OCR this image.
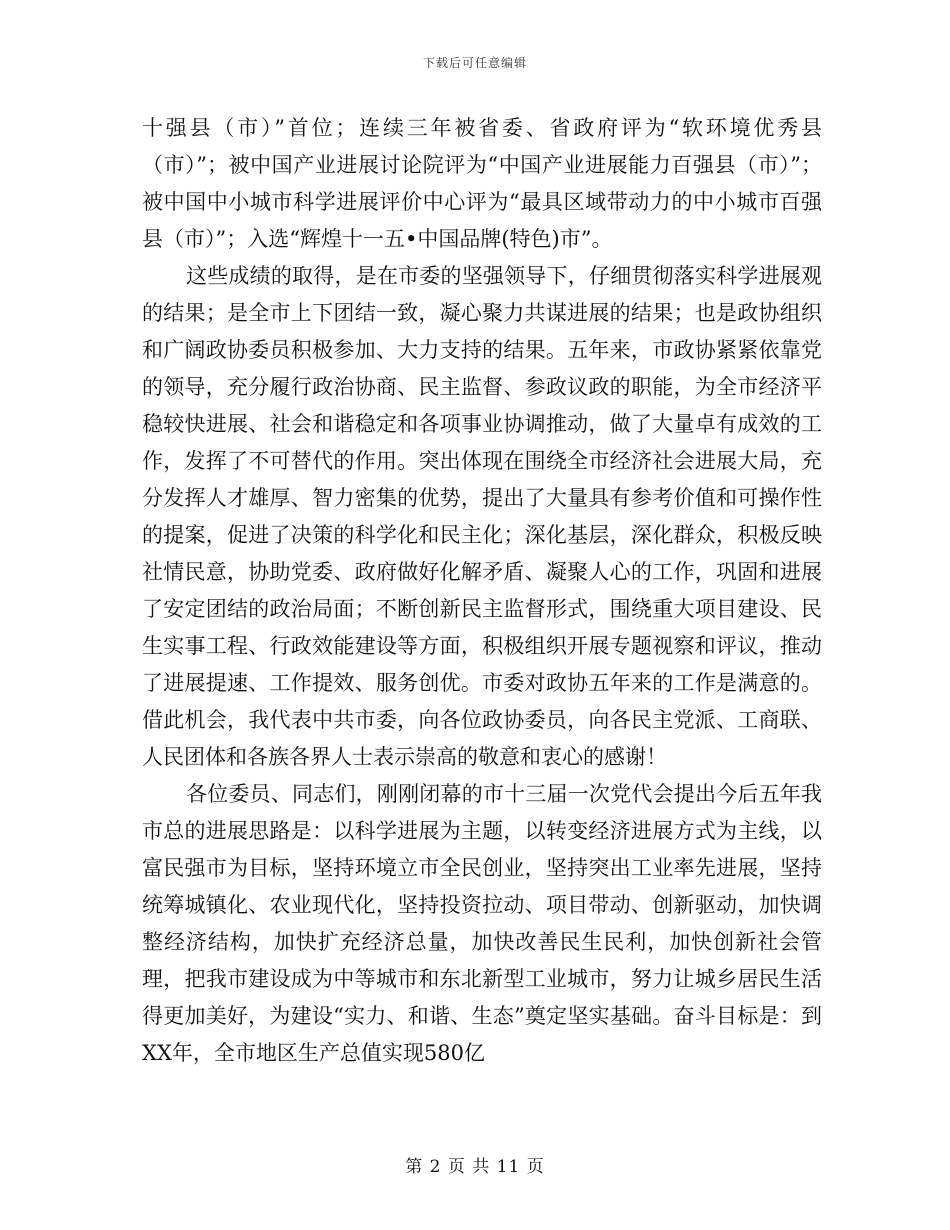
下载后可任意编辑

十强县（市）”首位；连续三年被省委、省政府评为“软环境优秀县（市）”；被中国产业进展讨论院评为“中国产业进展能力百强县（市）”；被中国中小城市科学进展评价中心评为“最具区域带动力的中小城市百强县（市）”；入选“辉煌十一五•中国品牌(特色)市”。

这些成绩的取得，是在市委的坚强领导下，仔细贯彻落实科学进展观的结果；是全市上下团结一致，凝心聚力共谋进展的结果；也是政协组织和广阔政协委员积极参加、大力支持的结果。五年来，市政协紧紧依靠党的领导，充分履行政治协商、民主监督、参政议政的职能，为全市经济平稳较快进展、社会和谐稳定和各项事业协调推动，做了大量卓有成效的工作，发挥了不可替代的作用。突出体现在围绕全市经济社会进展大局，充分发挥人才雄厚、智力密集的优势，提出了大量具有参考价值和可操作性的提案，促进了决策的科学化和民主化；深化基层，深化群众，积极反映社情民意，协助党委、政府做好化解矛盾、凝聚人心的工作，巩固和进展了安定团结的政治局面；不断创新民主监督形式，围绕重大项目建设、民生实事工程、行政效能建设等方面，积极组织开展专题视察和评议，推动了进展提速、工作提效、服务创优。市委对政协五年来的工作是满意的。借此机会，我代表中共市委，向各位政协委员，向各民主党派、工商联、人民团体和各族各界人士表示崇高的敬意和衷心的感谢！

各位委员、同志们，刚刚闭幕的市十三届一次党代会提出今后五年我市总的进展思路是：以科学进展为主题，以转变经济进展方式为主线，以富民强市为目标，坚持环境立市全民创业，坚持突出工业率先进展，坚持统筹城镇化、农业现代化，坚持投资拉动、项目带动、创新驱动，加快调整经济结构，加快扩充经济总量，加快改善民生民利，加快创新社会管理，把我市建设成为中等城市和东北新型工业城市，努力让城乡居民生活得更加美好，为建设“实力、和谐、生态”奠定坚实基础。奋斗目标是：到XX年，全市地区生产总值实现580亿

第 2 页 共 11 页
